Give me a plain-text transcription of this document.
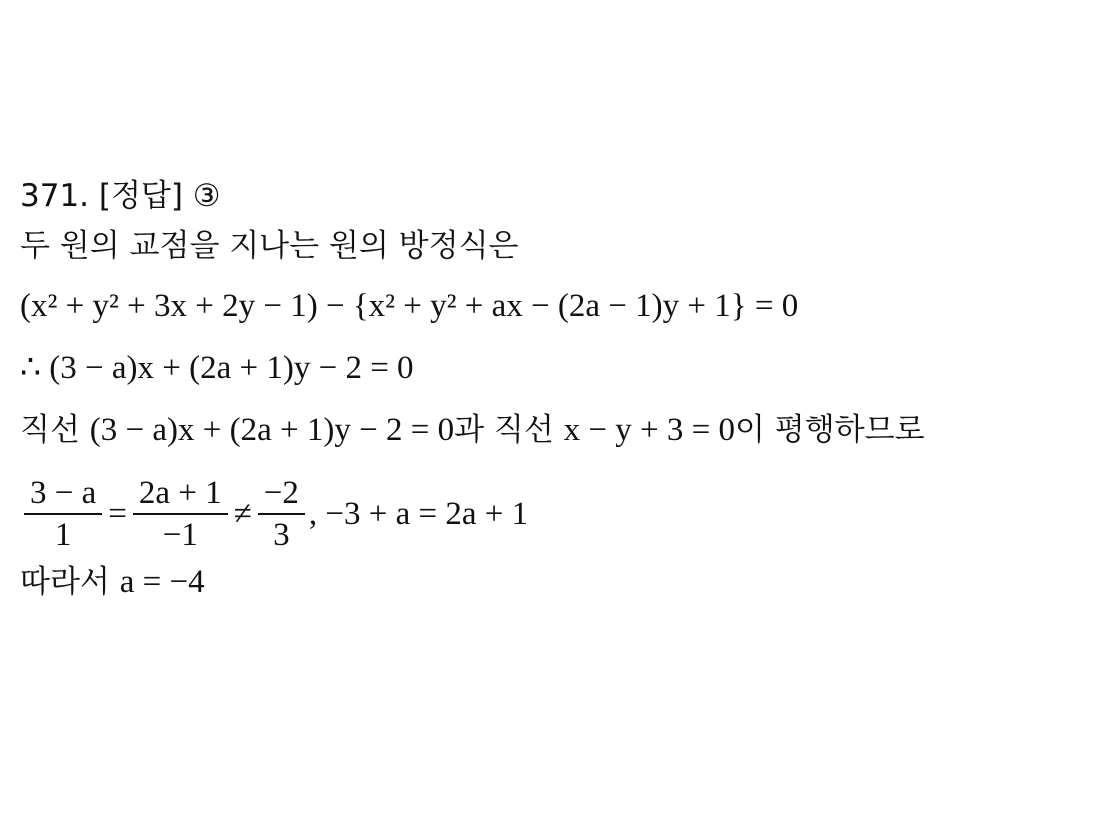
371. [정답] ③
두 원의 교점을 지나는 원의 방정식은
(x² + y² + 3x + 2y − 1) − {x² + y² + ax − (2a − 1)y + 1} = 0
∴ (3 − a)x + (2a + 1)y − 2 = 0
직선 (3 − a)x + (2a + 1)y − 2 = 0과 직선 x − y + 3 = 0이 평행하므로
$\frac{3 - a}{1} = \frac{2a + 1}{-1} \ne \frac{-2}{3}$ , −3 + a = 2a + 1
따라서 a = −4
